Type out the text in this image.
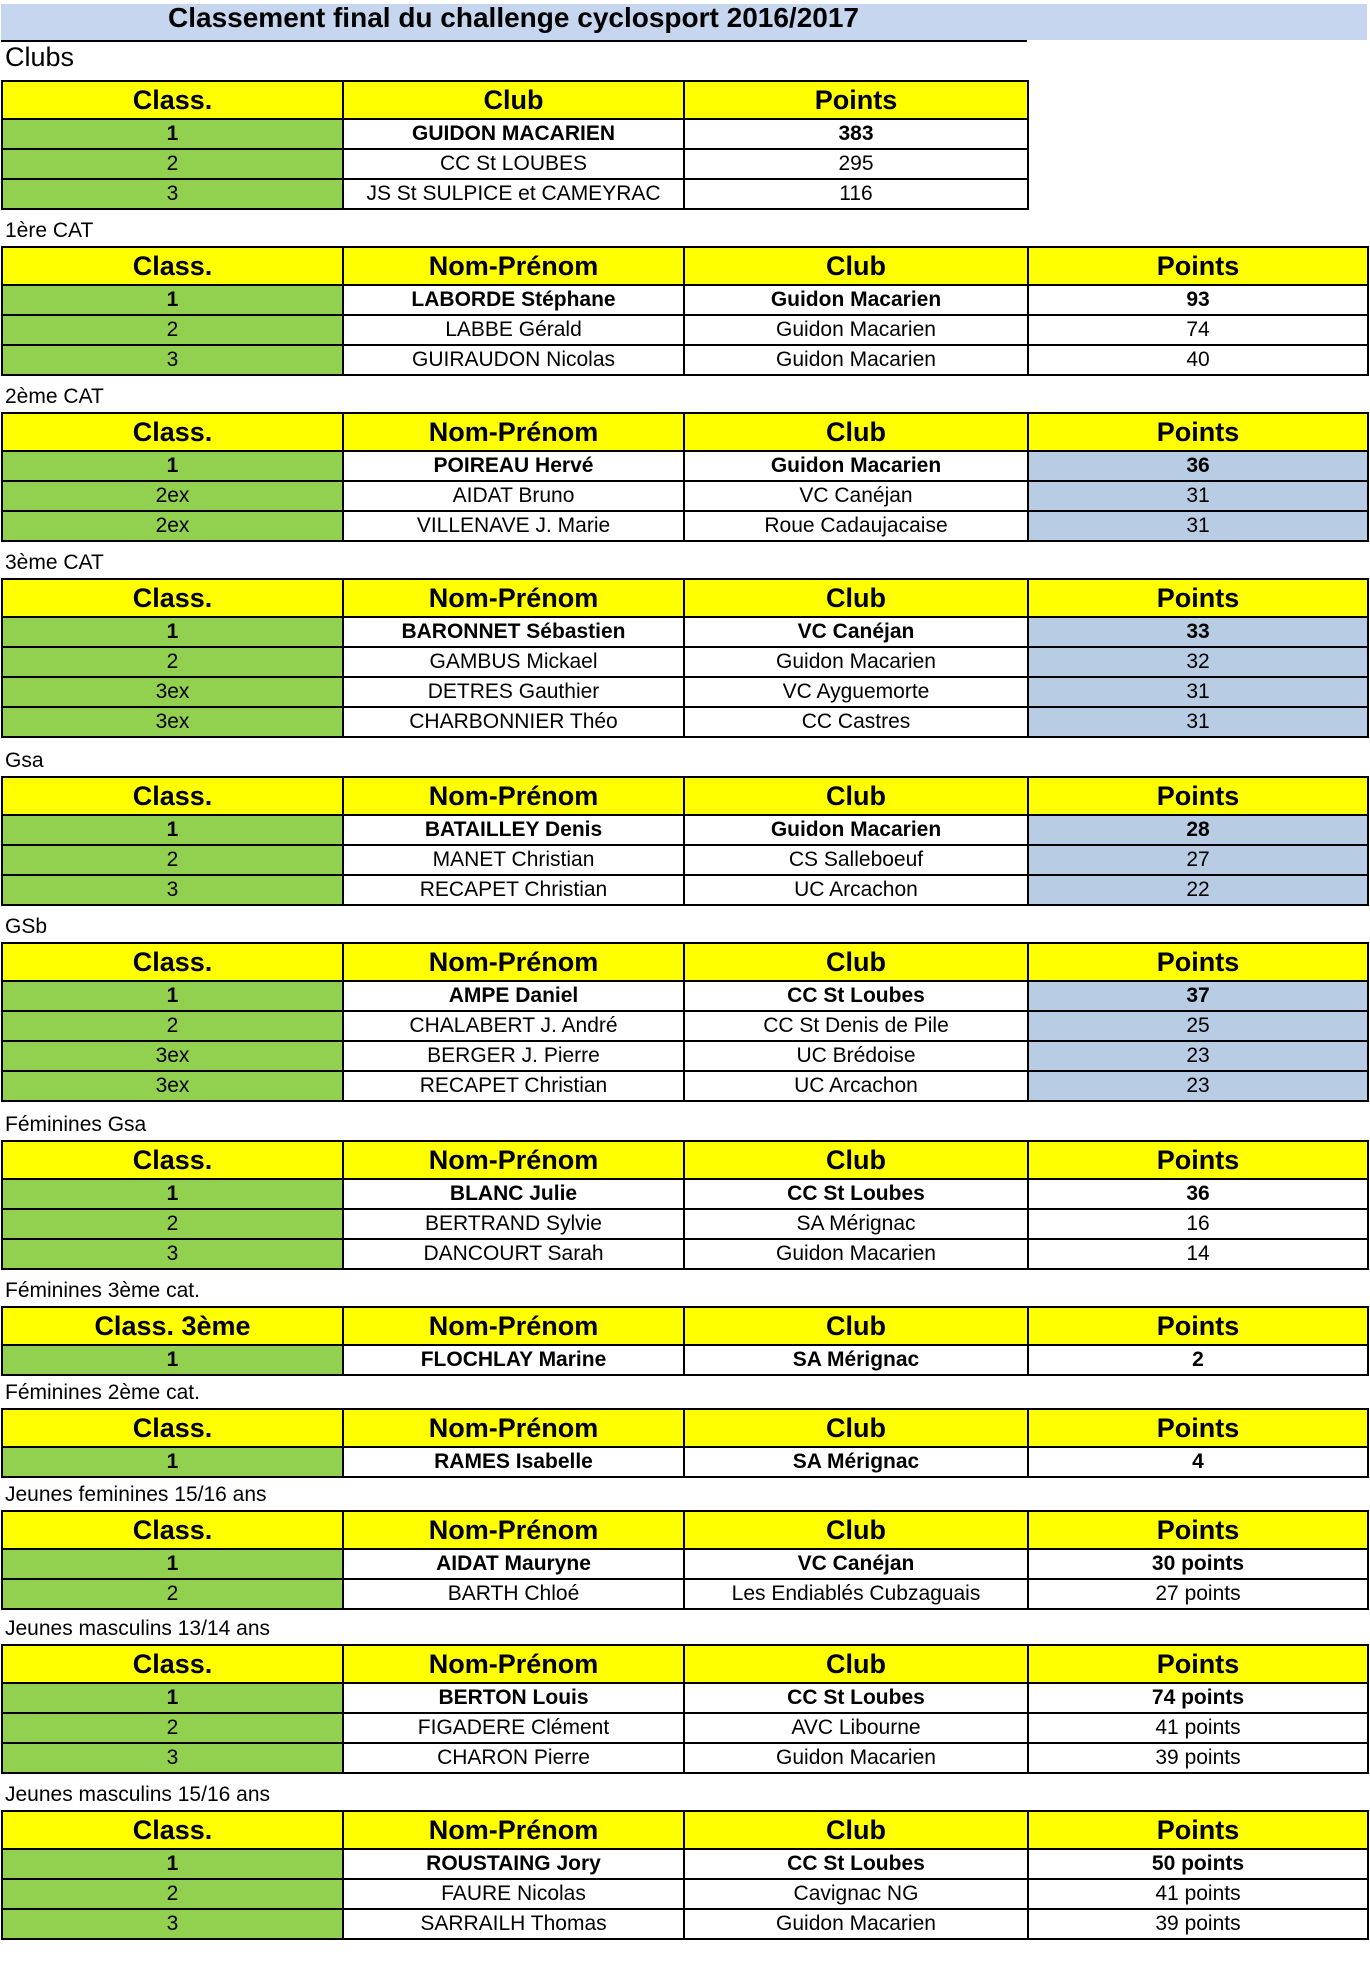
Classement final du challenge cyclosport 2016/2017
Clubs
Class.	Club	Points
1	GUIDON MACARIEN	383
2	CC St LOUBES	295
3	JS St SULPICE et CAMEYRAC	116
1ère CAT
Class.	Nom-Prénom	Club	Points
1	LABORDE Stéphane	Guidon Macarien	93
2	LABBE Gérald	Guidon Macarien	74
3	GUIRAUDON Nicolas	Guidon Macarien	40
2ème CAT
Class.	Nom-Prénom	Club	Points
1	POIREAU Hervé	Guidon Macarien	36
2ex	AIDAT Bruno	VC Canéjan	31
2ex	VILLENAVE J. Marie	Roue Cadaujacaise	31
3ème CAT
Class.	Nom-Prénom	Club	Points
1	BARONNET Sébastien	VC Canéjan	33
2	GAMBUS Mickael	Guidon Macarien	32
3ex	DETRES Gauthier	VC Ayguemorte	31
3ex	CHARBONNIER Théo	CC Castres	31
Gsa
Class.	Nom-Prénom	Club	Points
1	BATAILLEY Denis	Guidon Macarien	28
2	MANET Christian	CS Salleboeuf	27
3	RECAPET Christian	UC Arcachon	22
GSb
Class.	Nom-Prénom	Club	Points
1	AMPE Daniel	CC St Loubes	37
2	CHALABERT J. André	CC St Denis de Pile	25
3ex	BERGER J. Pierre	UC Brédoise	23
3ex	RECAPET Christian	UC Arcachon	23
Féminines Gsa
Class.	Nom-Prénom	Club	Points
1	BLANC Julie	CC St Loubes	36
2	BERTRAND Sylvie	SA Mérignac	16
3	DANCOURT Sarah	Guidon Macarien	14
Féminines 3ème cat.
Class. 3ème	Nom-Prénom	Club	Points
1	FLOCHLAY Marine	SA Mérignac	2
Féminines 2ème cat.
Class.	Nom-Prénom	Club	Points
1	RAMES Isabelle	SA Mérignac	4
Jeunes feminines 15/16 ans
Class.	Nom-Prénom	Club	Points
1	AIDAT Mauryne	VC Canéjan	30 points
2	BARTH Chloé	Les Endiablés Cubzaguais	27 points
Jeunes masculins 13/14 ans
Class.	Nom-Prénom	Club	Points
1	BERTON Louis	CC St Loubes	74 points
2	FIGADERE Clément	AVC Libourne	41 points
3	CHARON Pierre	Guidon Macarien	39 points
Jeunes masculins 15/16 ans
Class.	Nom-Prénom	Club	Points
1	ROUSTAING Jory	CC St Loubes	50 points
2	FAURE Nicolas	Cavignac NG	41 points
3	SARRAILH Thomas	Guidon Macarien	39 points
